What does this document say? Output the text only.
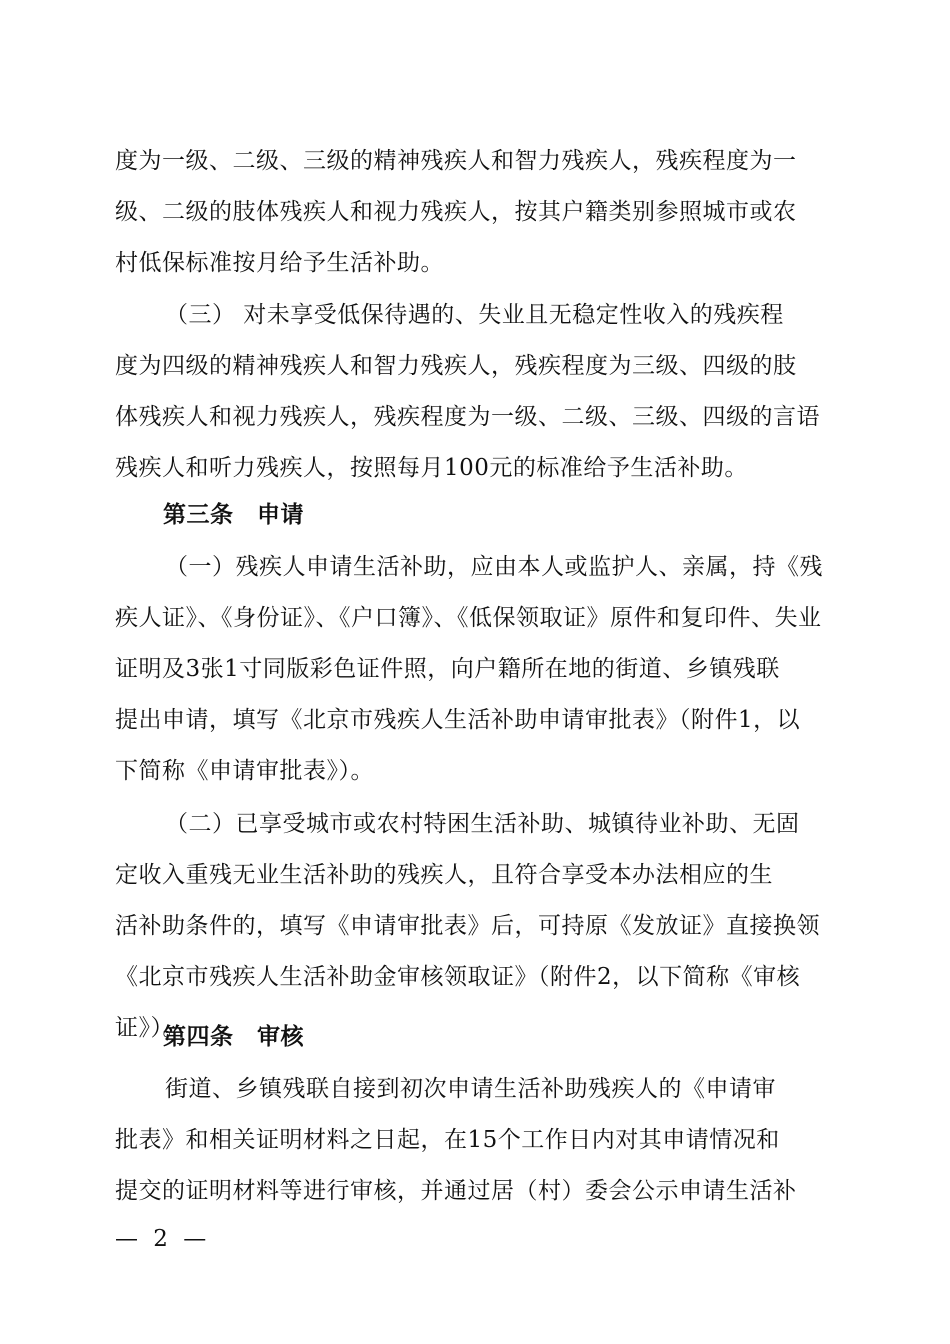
度为一级、二级、三级的精神残疾人和智力残疾人，残疾程度为一
级、二级的肢体残疾人和视力残疾人，按其户籍类别参照城市或农
村低保标准按月给予生活补助。
（三） 对未享受低保待遇的、失业且无稳定性收入的残疾程
度为四级的精神残疾人和智力残疾人，残疾程度为三级、四级的肢
体残疾人和视力残疾人，残疾程度为一级、二级、三级、四级的言语
残疾人和听力残疾人，按照每月100元的标准给予生活补助。
第三条　申请
（一）残疾人申请生活补助，应由本人或监护人、亲属，持《残
疾人证》、《身份证》、《户口簿》、《低保领取证》原件和复印件、失业
证明及3张1寸同版彩色证件照，向户籍所在地的街道、乡镇残联
提出申请，填写《北京市残疾人生活补助申请审批表》（附件1，以
下简称《申请审批表》）。
（二）已享受城市或农村特困生活补助、城镇待业补助、无固
定收入重残无业生活补助的残疾人，且符合享受本办法相应的生
活补助条件的，填写《申请审批表》后，可持原《发放证》直接换领
《北京市残疾人生活补助金审核领取证》（附件2，以下简称《审核
证》）。
第四条　审核
街道、乡镇残联自接到初次申请生活补助残疾人的《申请审
批表》和相关证明材料之日起，在15个工作日内对其申请情况和
提交的证明材料等进行审核，并通过居（村）委会公示申请生活补
— 2 —
